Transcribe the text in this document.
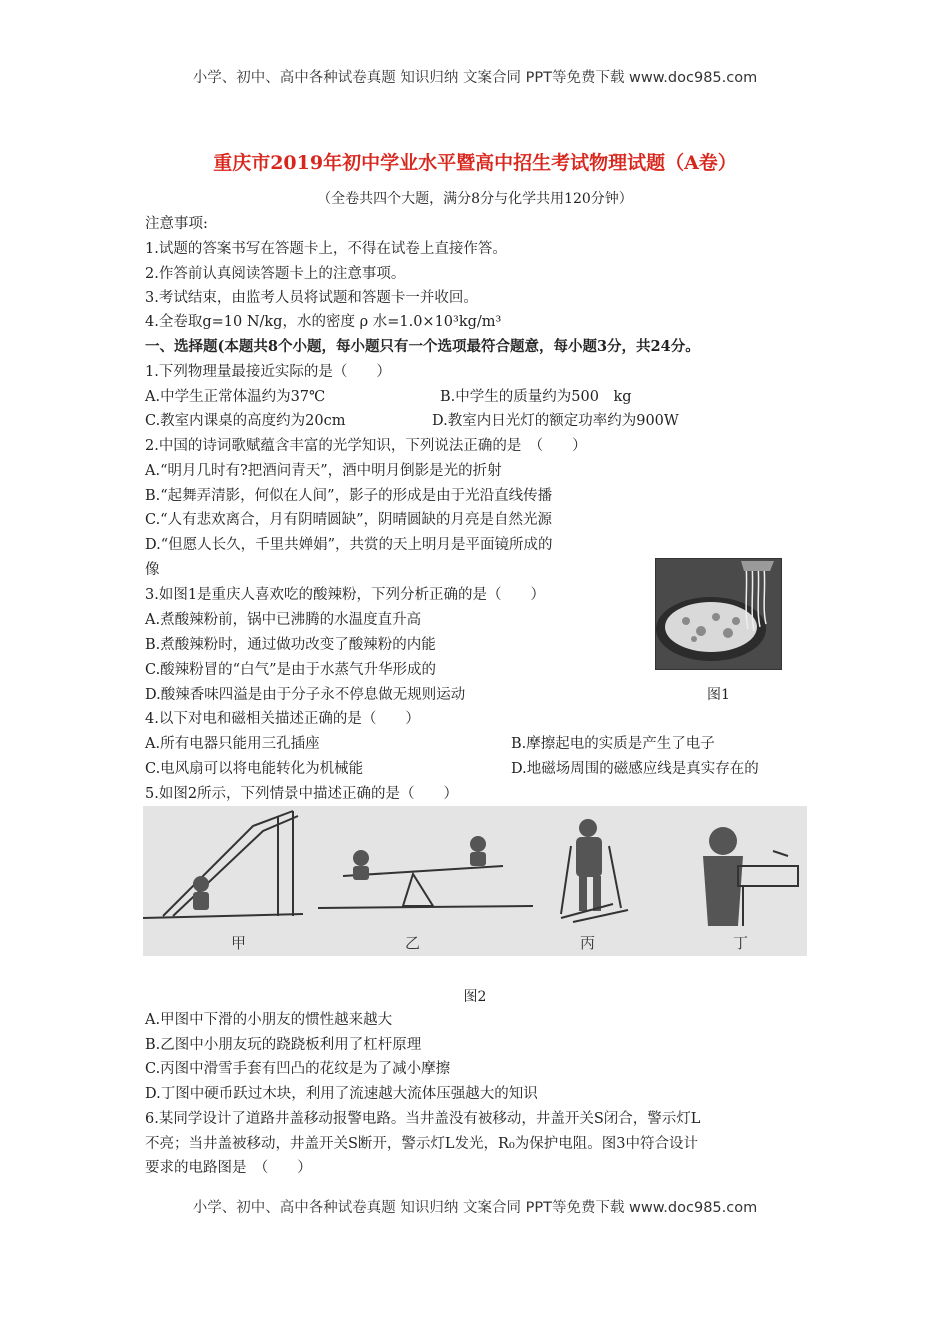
小学、初中、高中各种试卷真题 知识归纳 文案合同 PPT等免费下载 www.doc985.com
重庆市2019年初中学业水平暨高中招生考试物理试题（A卷）
（全卷共四个大题，满分8分与化学共用120分钟）
注意事项:
1.试题的答案书写在答题卡上，不得在试卷上直接作答。
2.作答前认真阅读答题卡上的注意事项。
3.考试结束，由监考人员将试题和答题卡一并收回。
4.全卷取g=10 N/kg，水的密度 ρ 水=1.0×10³kg/m³
一、选择题(本题共8个小题，每小题只有一个选项最符合题意，每小题3分，共24分。
1.下列物理量最接近实际的是（　　）
A.中学生正常体温约为37℃	B.中学生的质量约为500　kg
C.教室内课桌的高度约为20cm	D.教室内日光灯的额定功率约为900W
2.中国的诗词歌赋蕴含丰富的光学知识，下列说法正确的是　（　　）
A.“明月几时有?把酒问青天”，酒中明月倒影是光的折射
B.“起舞弄清影，何似在人间”，影子的形成是由于光沿直线传播
C.“人有悲欢离合，月有阴晴圆缺”，阴晴圆缺的月亮是自然光源
D.“但愿人长久，千里共婵娟”，共赏的天上明月是平面镜所成的
像
3.如图1是重庆人喜欢吃的酸辣粉，下列分析正确的是（　　）
A.煮酸辣粉前，锅中已沸腾的水温度直升高
B.煮酸辣粉时，通过做功改变了酸辣粉的内能
C.酸辣粉冒的“白气”是由于水蒸气升华形成的
D.酸辣香味四溢是由于分子永不停息做无规则运动	图1
4.以下对电和磁相关描述正确的是（　　）
A.所有电器只能用三孔插座	B.摩擦起电的实质是产生了电子
C.电风扇可以将电能转化为机械能	D.地磁场周围的磁感应线是真实存在的
5.如图2所示，下列情景中描述正确的是（　　）
甲	乙	丙	丁
图2
A.甲图中下滑的小朋友的惯性越来越大
B.乙图中小朋友玩的跷跷板利用了杠杆原理
C.丙图中滑雪手套有凹凸的花纹是为了减小摩擦
D.丁图中硬币跃过木块，利用了流速越大流体压强越大的知识
6.某同学设计了道路井盖移动报警电路。当井盖没有被移动，井盖开关S闭合，警示灯L
不亮；当井盖被移动，井盖开关S断开，警示灯L发光，R₀为保护电阻。图3中符合设计
要求的电路图是　（　　）
小学、初中、高中各种试卷真题 知识归纳 文案合同 PPT等免费下载 www.doc985.com
